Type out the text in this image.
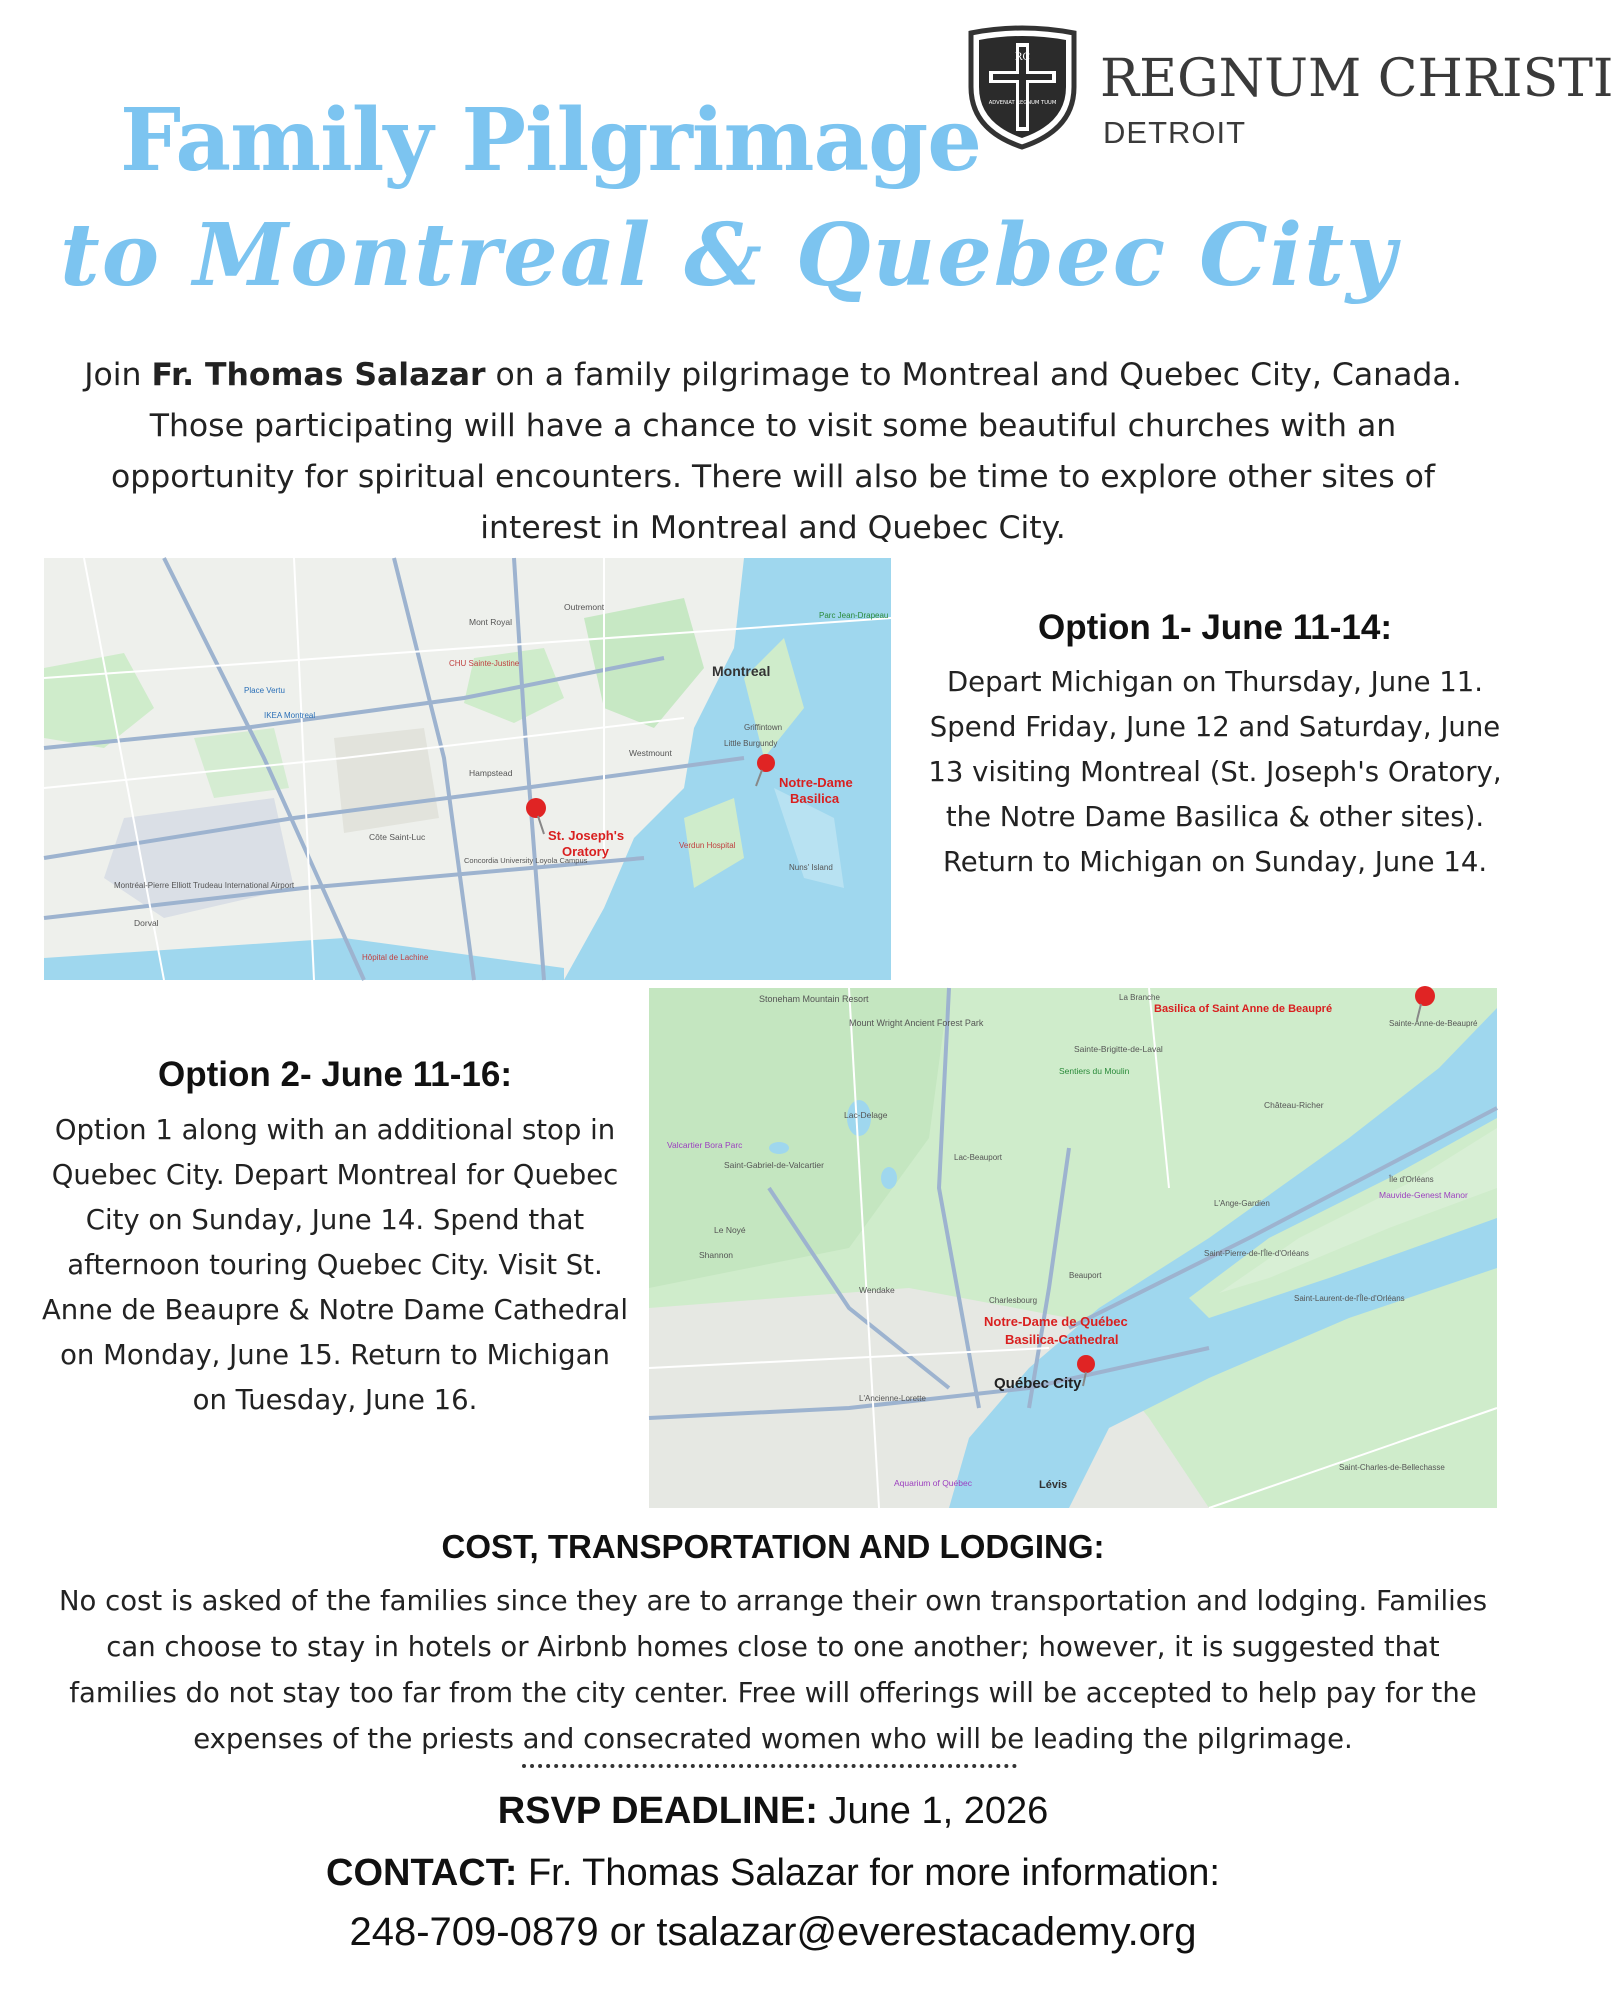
RC
ADVENIAT REGNUM TUUM REGNUM CHRISTI
DETROIT
Family Pilgrimage
to Montreal & Quebec City
Join Fr. Thomas Salazar on a family pilgrimage to Montreal and Quebec City, Canada. Those participating will have a chance to visit some beautiful churches with an opportunity for spiritual encounters. There will also be time to explore other sites of interest in Montreal and Quebec City.
Montreal
Mont Royal
Hampstead
Côte Saint-Luc
Westmount
Verdun Hospital
Montréal-Pierre Elliott Trudeau International Airport
Dorval
Outremont
Little Burgundy
Griffintown
Nuns' Island
Hôpital de Lachine
IKEA Montreal
CHU Sainte-Justine
Parc Jean-Drapeau
Concordia University Loyola Campus
Place Vertu
Notre-Dame
Basilica
St. Joseph's
Oratory
Option 1- June 11-14:
Depart Michigan on Thursday, June 11. Spend Friday, June 12 and Saturday, June 13 visiting Montreal (St. Joseph's Oratory, the Notre Dame Basilica & other sites). Return to Michigan on Sunday, June 14.
Option 2- June 11-16:
Option 1 along with an additional stop in Quebec City. Depart Montreal for Quebec City on Sunday, June 14. Spend that afternoon touring Quebec City. Visit St. Anne de Beaupre & Notre Dame Cathedral on Monday, June 15. Return to Michigan on Tuesday, June 16.
Québec City
Stoneham Mountain Resort
Mount Wright Ancient Forest Park
Lac-Delage
Valcartier Bora Parc
Saint-Gabriel-de-Valcartier
Shannon
Le Noyé
Wendake
Lévis
Aquarium of Québec
Château-Richer
Mauvide-Genest Manor
Île d'Orléans
Sainte-Brigitte-de-Laval
Sentiers du Moulin
Beauport
Charlesbourg
L'Ancienne-Lorette
Saint-Pierre-de-l'Île-d'Orléans
Saint-Laurent-de-l'Île-d'Orléans
Sainte-Anne-de-Beaupré
La Branche
Lac-Beauport
L'Ange-Gardien
Saint-Charles-de-Bellechasse
Basilica of Saint Anne de Beaupré
Notre-Dame de Québec
Basilica-Cathedral
COST, TRANSPORTATION AND LODGING:
No cost is asked of the families since they are to arrange their own transportation and lodging. Families can choose to stay in hotels or Airbnb homes close to one another; however, it is suggested that families do not stay too far from the city center. Free will offerings will be accepted to help pay for the expenses of the priests and consecrated women who will be leading the pilgrimage.
RSVP DEADLINE: June 1, 2026
CONTACT: Fr. Thomas Salazar for more information:
248-709-0879 or tsalazar@everestacademy.org
